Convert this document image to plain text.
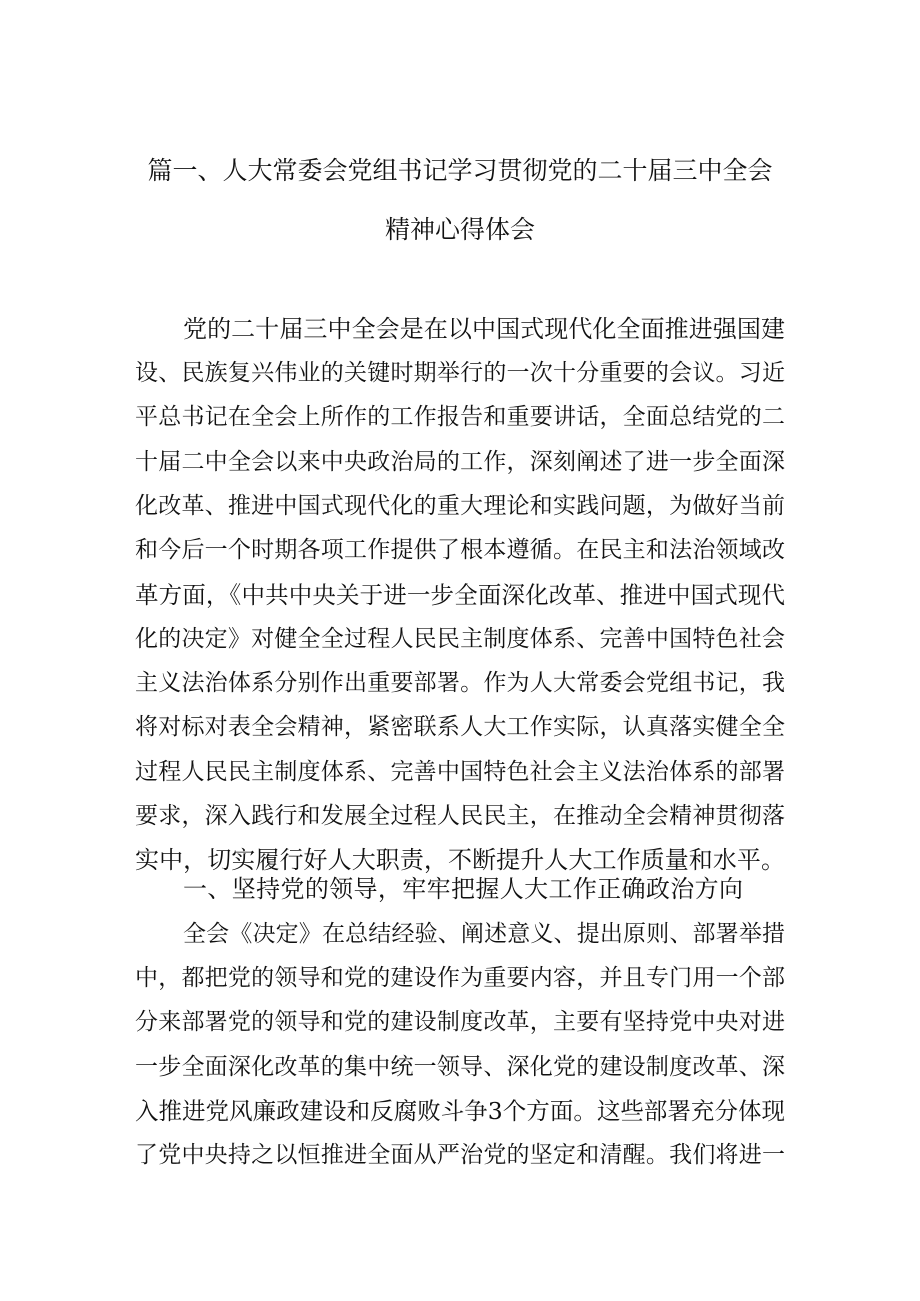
篇一、人大常委会党组书记学习贯彻党的二十届三中全会
精神心得体会
党的二十届三中全会是在以中国式现代化全面推进强国建
设、民族复兴伟业的关键时期举行的一次十分重要的会议。习近
平总书记在全会上所作的工作报告和重要讲话，全面总结党的二
十届二中全会以来中央政治局的工作，深刻阐述了进一步全面深
化改革、推进中国式现代化的重大理论和实践问题，为做好当前
和今后一个时期各项工作提供了根本遵循。在民主和法治领域改
革方面，《中共中央关于进一步全面深化改革、推进中国式现代
化的决定》对健全全过程人民民主制度体系、完善中国特色社会
主义法治体系分别作出重要部署。作为人大常委会党组书记，我
将对标对表全会精神，紧密联系人大工作实际，认真落实健全全
过程人民民主制度体系、完善中国特色社会主义法治体系的部署
要求，深入践行和发展全过程人民民主，在推动全会精神贯彻落
实中，切实履行好人大职责，不断提升人大工作质量和水平。
一、坚持党的领导，牢牢把握人大工作正确政治方向
全会《决定》在总结经验、阐述意义、提出原则、部署举措
中，都把党的领导和党的建设作为重要内容，并且专门用一个部
分来部署党的领导和党的建设制度改革，主要有坚持党中央对进
一步全面深化改革的集中统一领导、深化党的建设制度改革、深
入推进党风廉政建设和反腐败斗争3个方面。这些部署充分体现
了党中央持之以恒推进全面从严治党的坚定和清醒。我们将进一
